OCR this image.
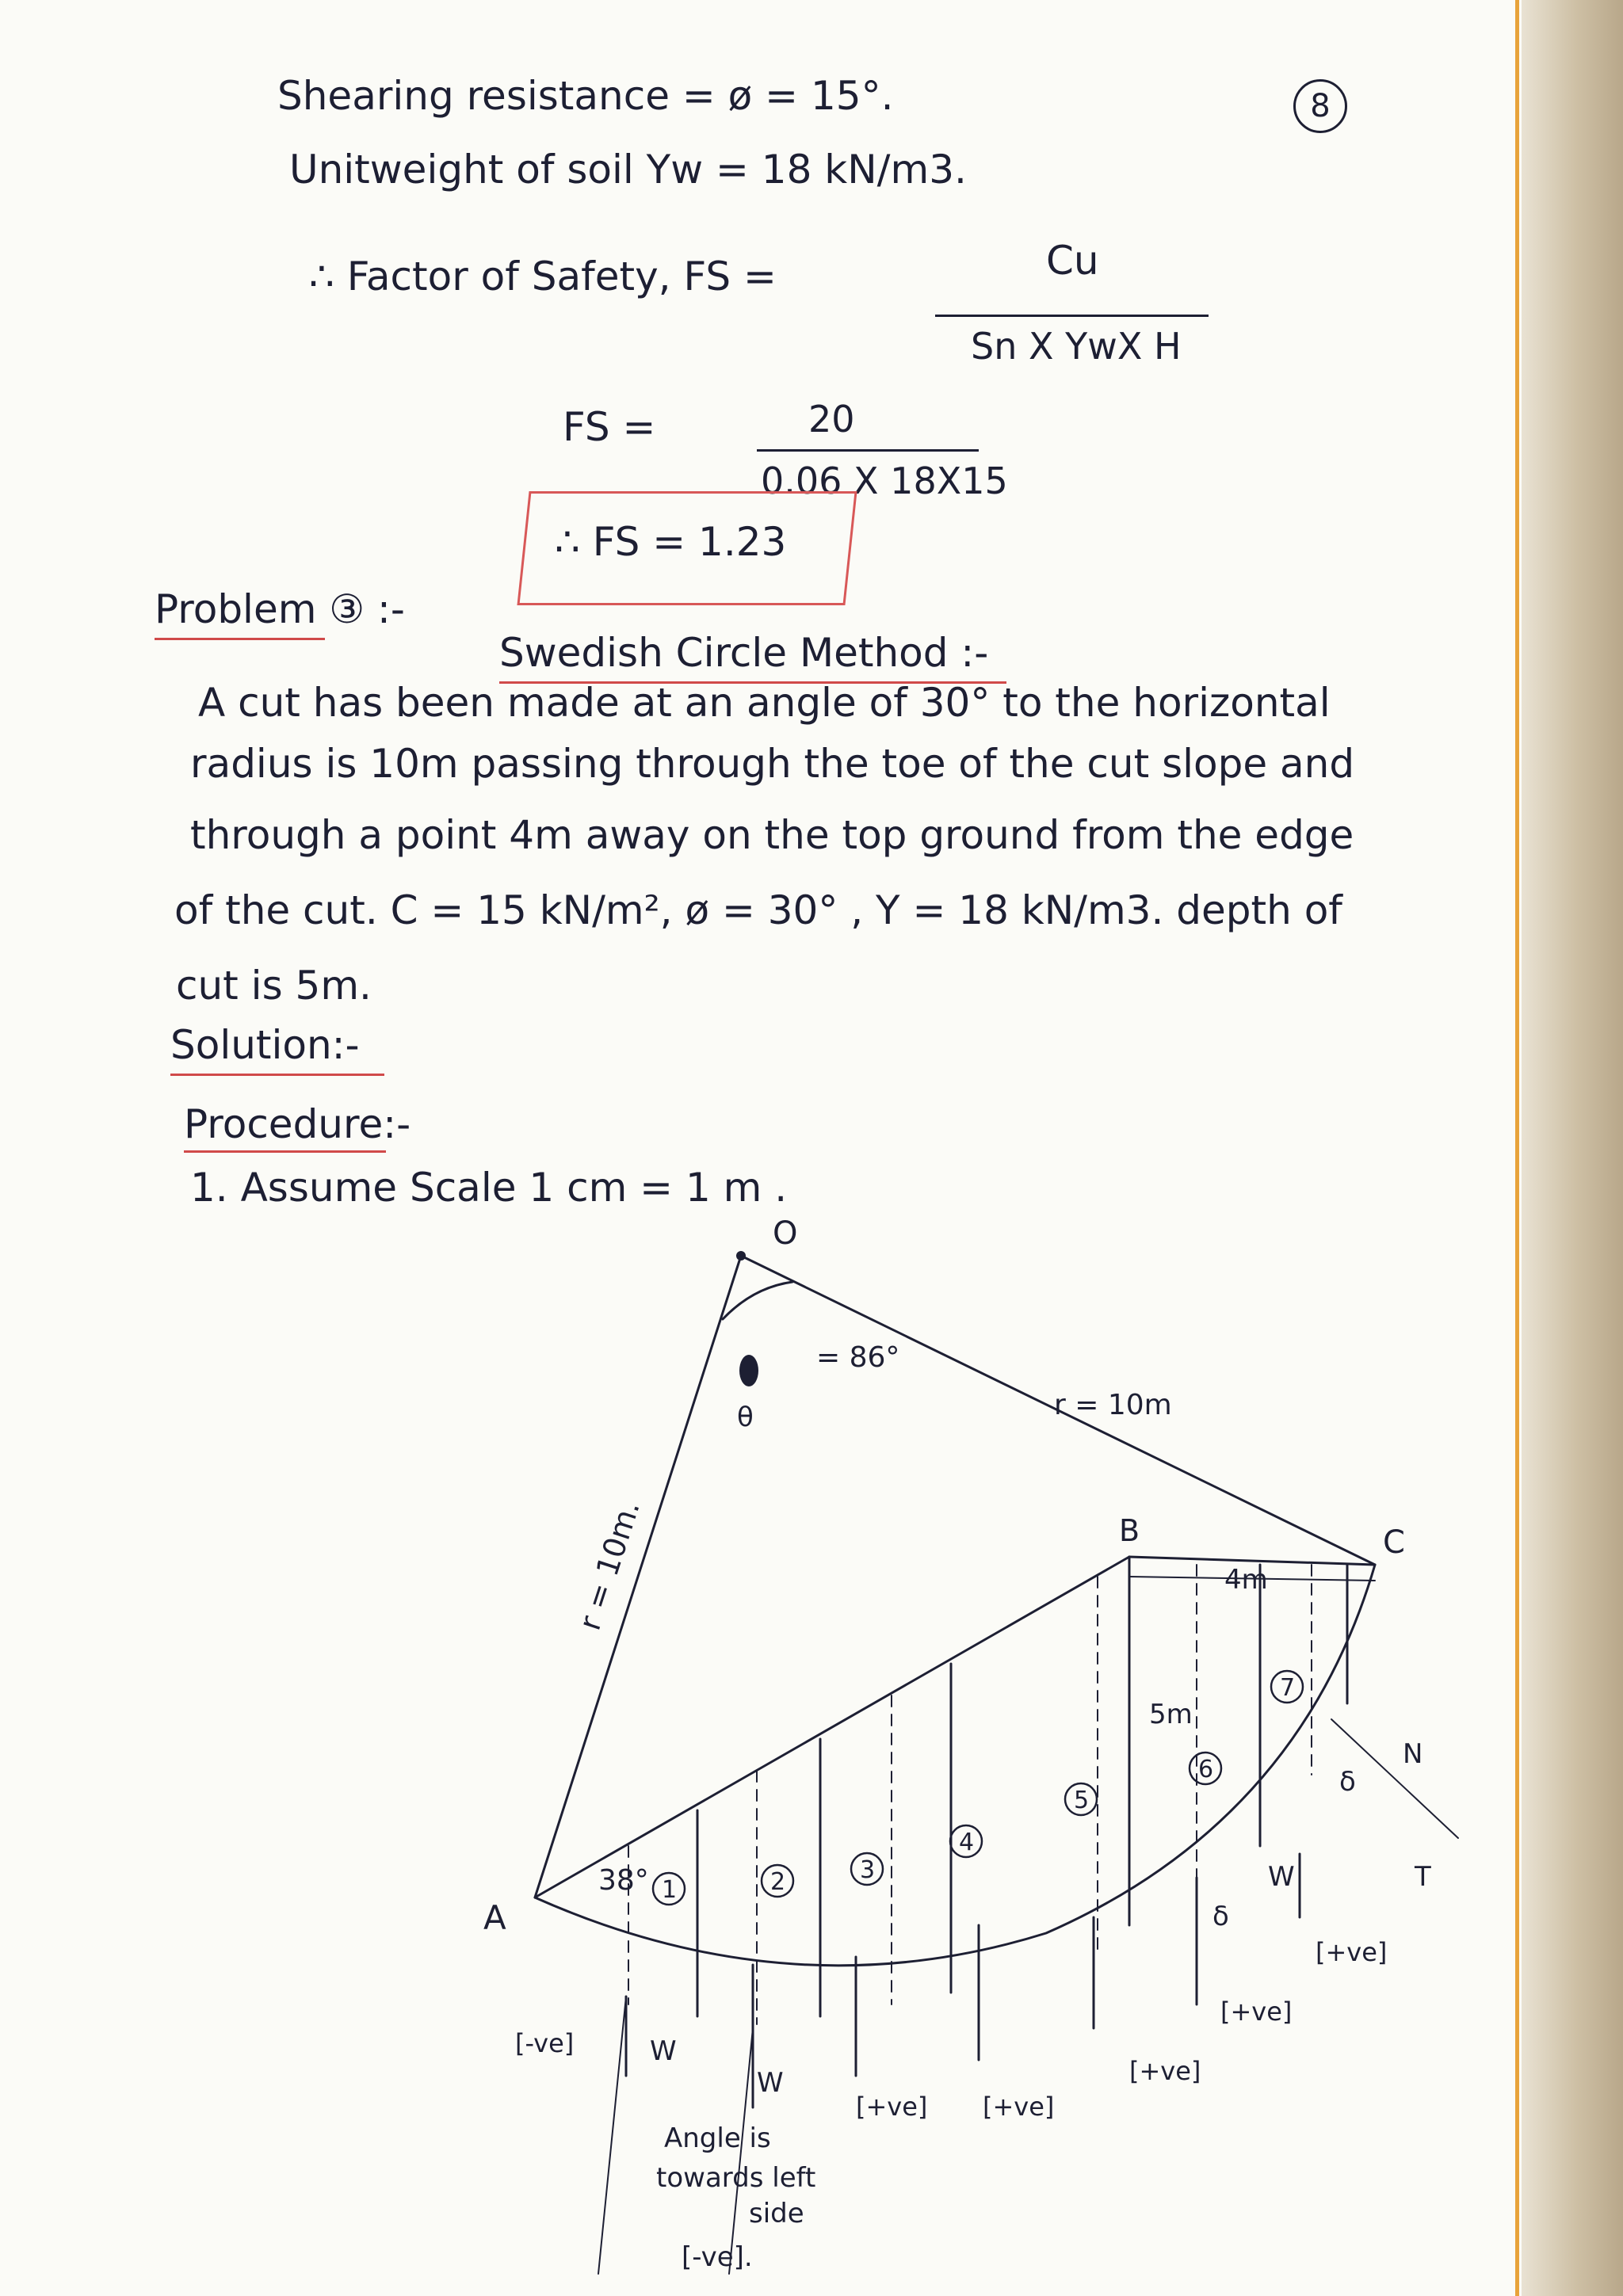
8
Shearing resistance = ø = 15°.
Unitweight of soil Yw = 18 kN/m3.
∴ Factor of Safety, FS =	Cu
Sn X YwX H
FS =	20
0.06 X 18X15
∴ FS = 1.23
Problem ③ :-
Swedish Circle Method :-
A cut has been made at an angle of 30° to the horizontal
radius is 10m passing through the toe of the cut slope and
through a point 4m away on the top ground from the edge
of the cut. C = 15 kN/m², ø = 30° , Y = 18 kN/m3. depth of
cut is 5m.
Solution:-
Procedure:-
1. Assume Scale 1 cm = 1 m .
O
A
B	C
= 86°
θ	r = 10m
r = 10m.	4m
5m
38° 1	2	3
4
5
6
7
W
W
W
N
T
δ
δ
[-ve]
[+ve] [+ve]
[+ve]
[+ve]
[+ve]
Angle is
towards left
side
[-ve].
